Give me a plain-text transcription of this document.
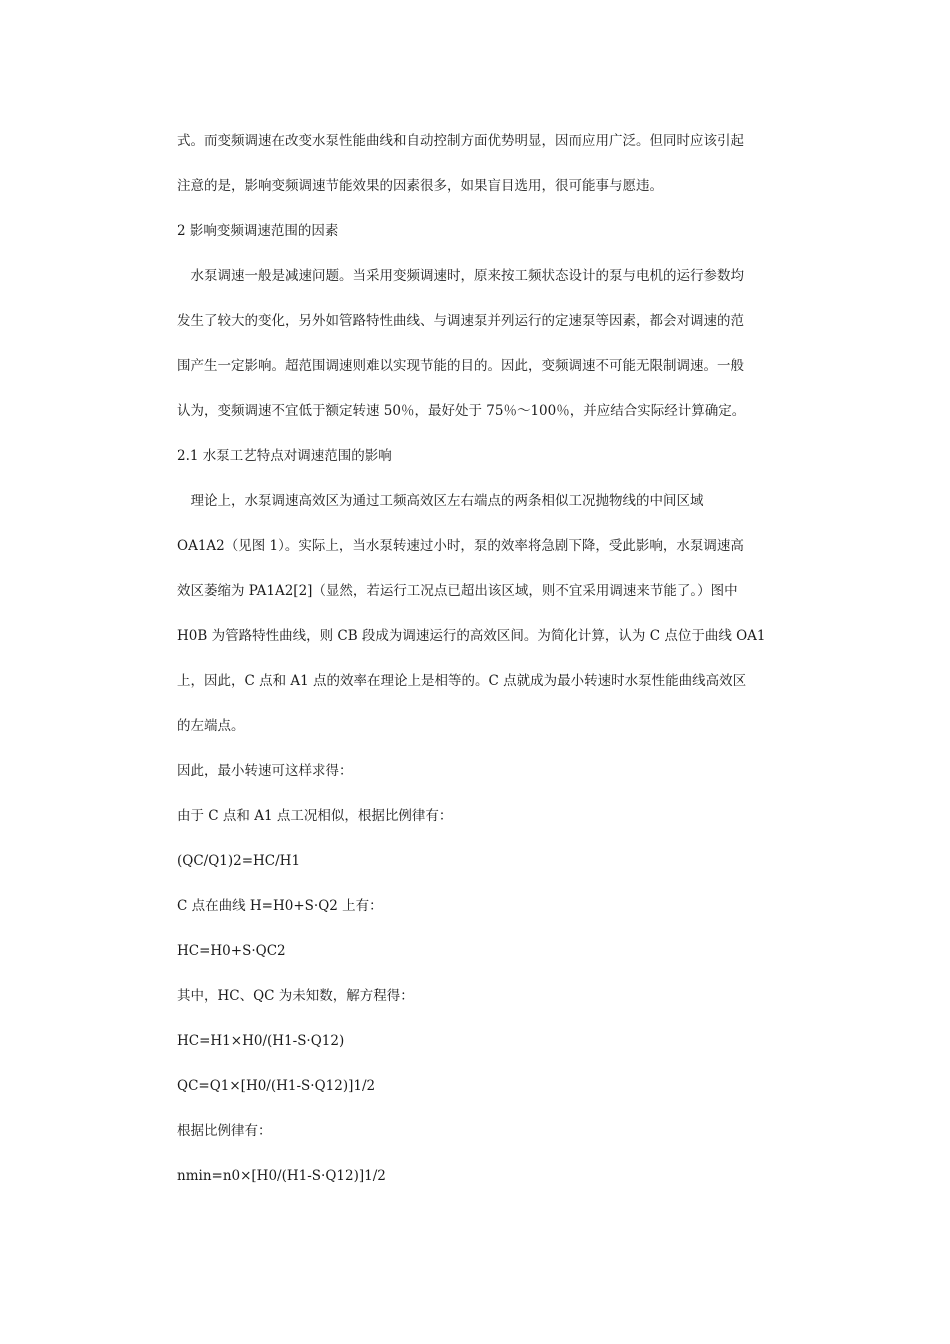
式。而变频调速在改变水泵性能曲线和自动控制方面优势明显，因而应用广泛。但同时应该引起
注意的是，影响变频调速节能效果的因素很多，如果盲目选用，很可能事与愿违。
2 影响变频调速范围的因素
　水泵调速一般是减速问题。当采用变频调速时，原来按工频状态设计的泵与电机的运行参数均
发生了较大的变化，另外如管路特性曲线、与调速泵并列运行的定速泵等因素，都会对调速的范
围产生一定影响。超范围调速则难以实现节能的目的。因此，变频调速不可能无限制调速。一般
认为，变频调速不宜低于额定转速 50％，最好处于 75％～100％，并应结合实际经计算确定。
2.1 水泵工艺特点对调速范围的影响
　理论上，水泵调速高效区为通过工频高效区左右端点的两条相似工况抛物线的中间区域
OA1A2（见图 1）。实际上，当水泵转速过小时，泵的效率将急剧下降，受此影响，水泵调速高
效区萎缩为 PA1A2[2]（显然，若运行工况点已超出该区域，则不宜采用调速来节能了。）图中
H0B 为管路特性曲线，则 CB 段成为调速运行的高效区间。为简化计算，认为 C 点位于曲线 OA1
上，因此，C 点和 A1 点的效率在理论上是相等的。C 点就成为最小转速时水泵性能曲线高效区
的左端点。
因此，最小转速可这样求得：
由于 C 点和 A1 点工况相似，根据比例律有：
(QC/Q1)2=HC/H1
C 点在曲线 H=H0+S·Q2 上有：
HC=H0+S·QC2
其中，HC、QC 为未知数，解方程得：
HC=H1×H0/(H1-S·Q12)
QC=Q1×[H0/(H1-S·Q12)]1/2
根据比例律有：
nmin=n0×[H0/(H1-S·Q12)]1/2
